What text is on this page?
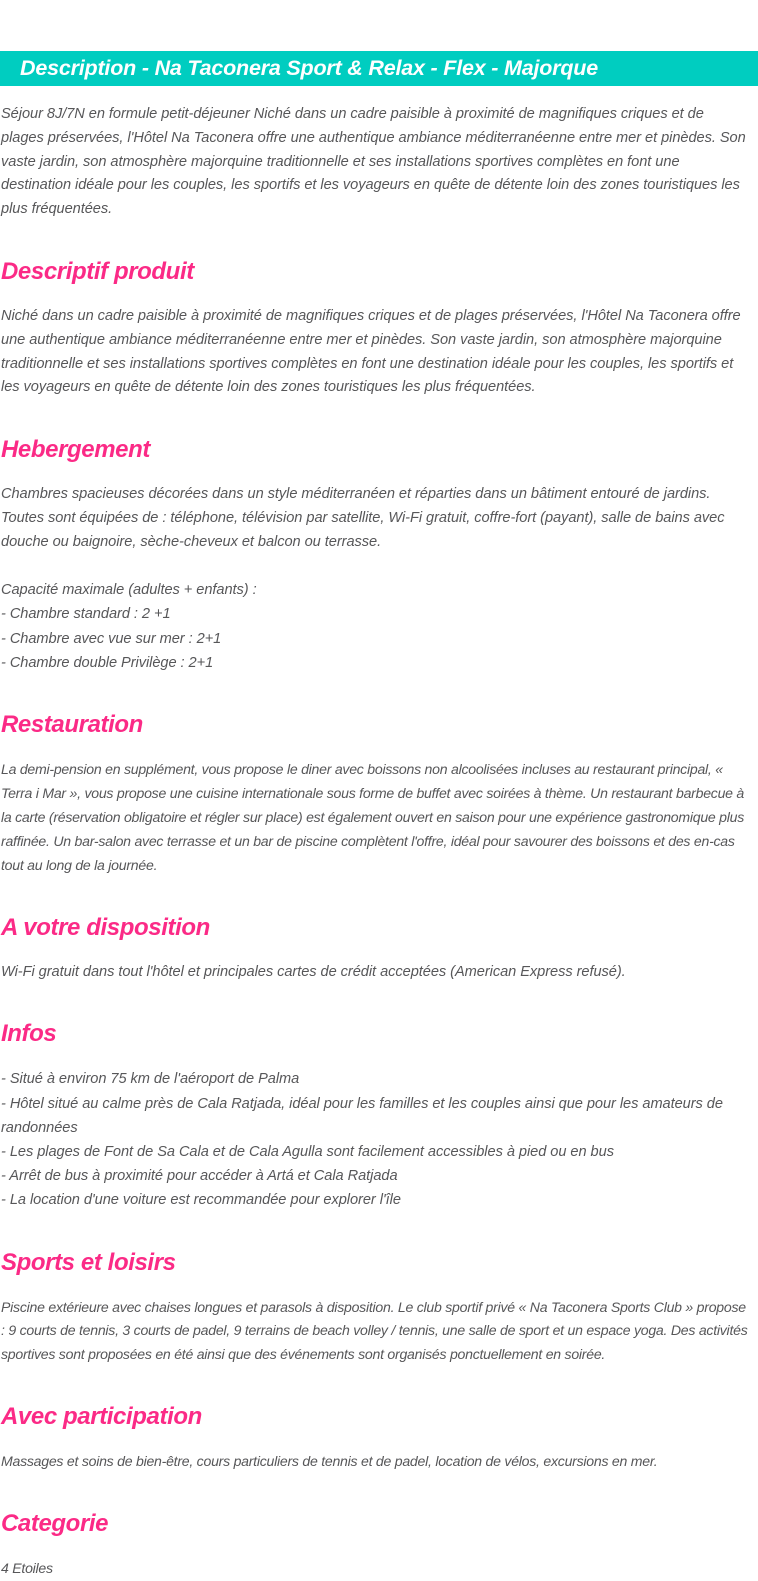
Description - Na Taconera Sport & Relax - Flex - Majorque

Séjour 8J/7N en formule petit-déjeuner Niché dans un cadre paisible à proximité de magnifiques criques et de plages préservées, l'Hôtel Na Taconera offre une authentique ambiance méditerranéenne entre mer et pinèdes. Son vaste jardin, son atmosphère majorquine traditionnelle et ses installations sportives complètes en font une destination idéale pour les couples, les sportifs et les voyageurs en quête de détente loin des zones touristiques les plus fréquentées.

Descriptif produit

Niché dans un cadre paisible à proximité de magnifiques criques et de plages préservées, l'Hôtel Na Taconera offre une authentique ambiance méditerranéenne entre mer et pinèdes. Son vaste jardin, son atmosphère majorquine traditionnelle et ses installations sportives complètes en font une destination idéale pour les couples, les sportifs et les voyageurs en quête de détente loin des zones touristiques les plus fréquentées.

Hebergement

Chambres spacieuses décorées dans un style méditerranéen et réparties dans un bâtiment entouré de jardins. Toutes sont équipées de : téléphone, télévision par satellite, Wi-Fi gratuit, coffre-fort (payant), salle de bains avec douche ou baignoire, sèche-cheveux et balcon ou terrasse.

Capacité maximale (adultes + enfants) :

- Chambre standard : 2 +1
- Chambre avec vue sur mer : 2+1
- Chambre double Privilège : 2+1
Restauration

La demi-pension en supplément, vous propose le diner avec boissons non alcoolisées incluses au restaurant principal, « Terra i Mar », vous propose une cuisine internationale sous forme de buffet avec soirées à thème. Un restaurant barbecue à la carte (réservation obligatoire et régler sur place) est également ouvert en saison pour une expérience gastronomique plus raffinée. Un bar-salon avec terrasse et un bar de piscine complètent l'offre, idéal pour savourer des boissons et des en-cas tout au long de la journée.

A votre disposition

Wi-Fi gratuit dans tout l'hôtel et principales cartes de crédit acceptées (American Express refusé).

Infos
- Situé à environ 75 km de l'aéroport de Palma
- Hôtel situé au calme près de Cala Ratjada, idéal pour les familles et les couples ainsi que pour les amateurs de randonnées
- Les plages de Font de Sa Cala et de Cala Agulla sont facilement accessibles à pied ou en bus
- Arrêt de bus à proximité pour accéder à Artá et Cala Ratjada
- La location d'une voiture est recommandée pour explorer l'île
Sports et loisirs

Piscine extérieure avec chaises longues et parasols à disposition. Le club sportif privé « Na Taconera Sports Club » propose : 9 courts de tennis, 3 courts de padel, 9 terrains de beach volley / tennis, une salle de sport et un espace yoga. Des activités sportives sont proposées en été ainsi que des événements sont organisés ponctuellement en soirée.

Avec participation

Massages et soins de bien-être, cours particuliers de tennis et de padel, location de vélos, excursions en mer.

Categorie

4 Etoiles
